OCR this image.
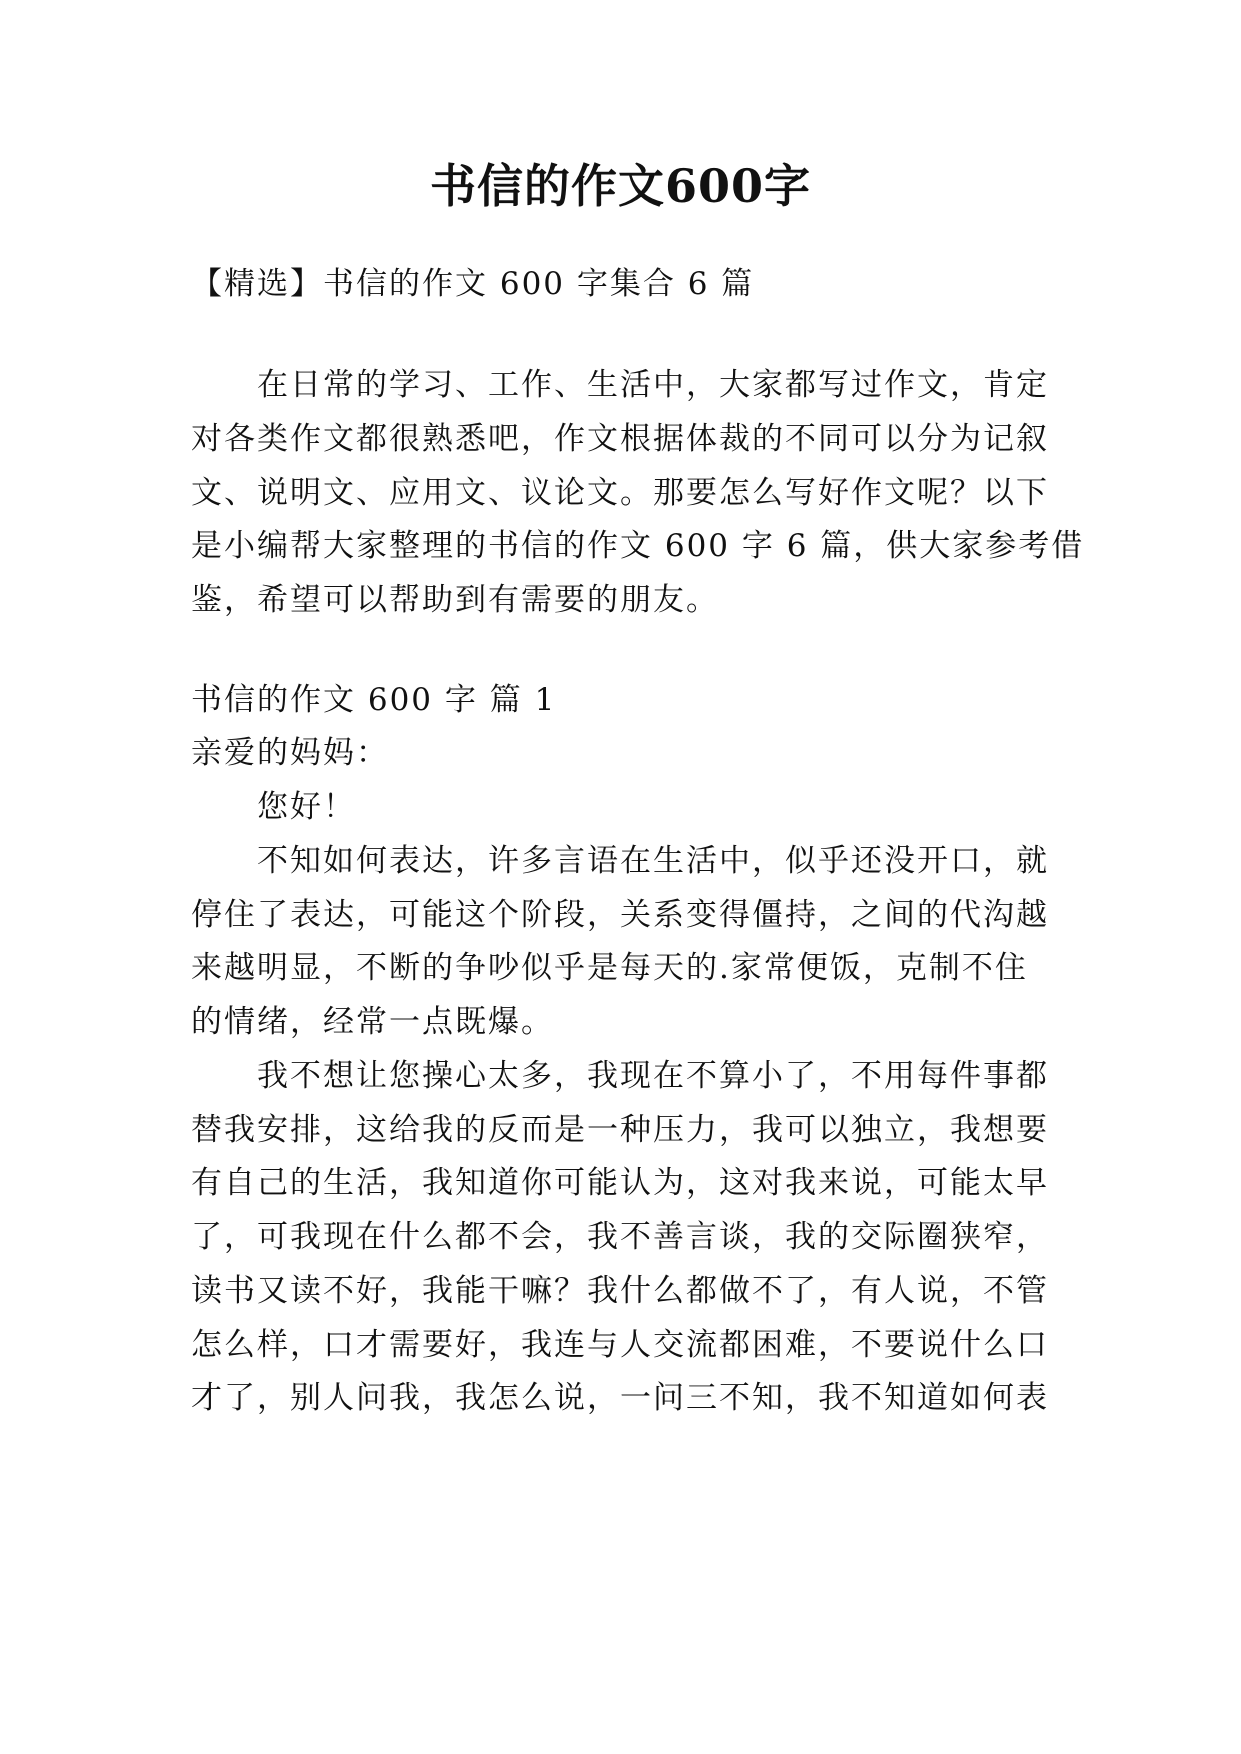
书信的作文600字
【精选】书信的作文 600 字集合 6 篇
在日常的学习、工作、生活中，大家都写过作文，肯定
对各类作文都很熟悉吧，作文根据体裁的不同可以分为记叙
文、说明文、应用文、议论文。那要怎么写好作文呢？以下
是小编帮大家整理的书信的作文 600 字 6 篇，供大家参考借
鉴，希望可以帮助到有需要的朋友。
书信的作文 600 字 篇 1
亲爱的妈妈：
您好！
不知如何表达，许多言语在生活中，似乎还没开口，就
停住了表达，可能这个阶段，关系变得僵持，之间的代沟越
来越明显，不断的争吵似乎是每天的.家常便饭，克制不住
的情绪，经常一点既爆。
我不想让您操心太多，我现在不算小了，不用每件事都
替我安排，这给我的反而是一种压力，我可以独立，我想要
有自己的生活，我知道你可能认为，这对我来说，可能太早
了，可我现在什么都不会，我不善言谈，我的交际圈狭窄，
读书又读不好，我能干嘛？我什么都做不了，有人说，不管
怎么样，口才需要好，我连与人交流都困难，不要说什么口
才了，别人问我，我怎么说，一问三不知，我不知道如何表
